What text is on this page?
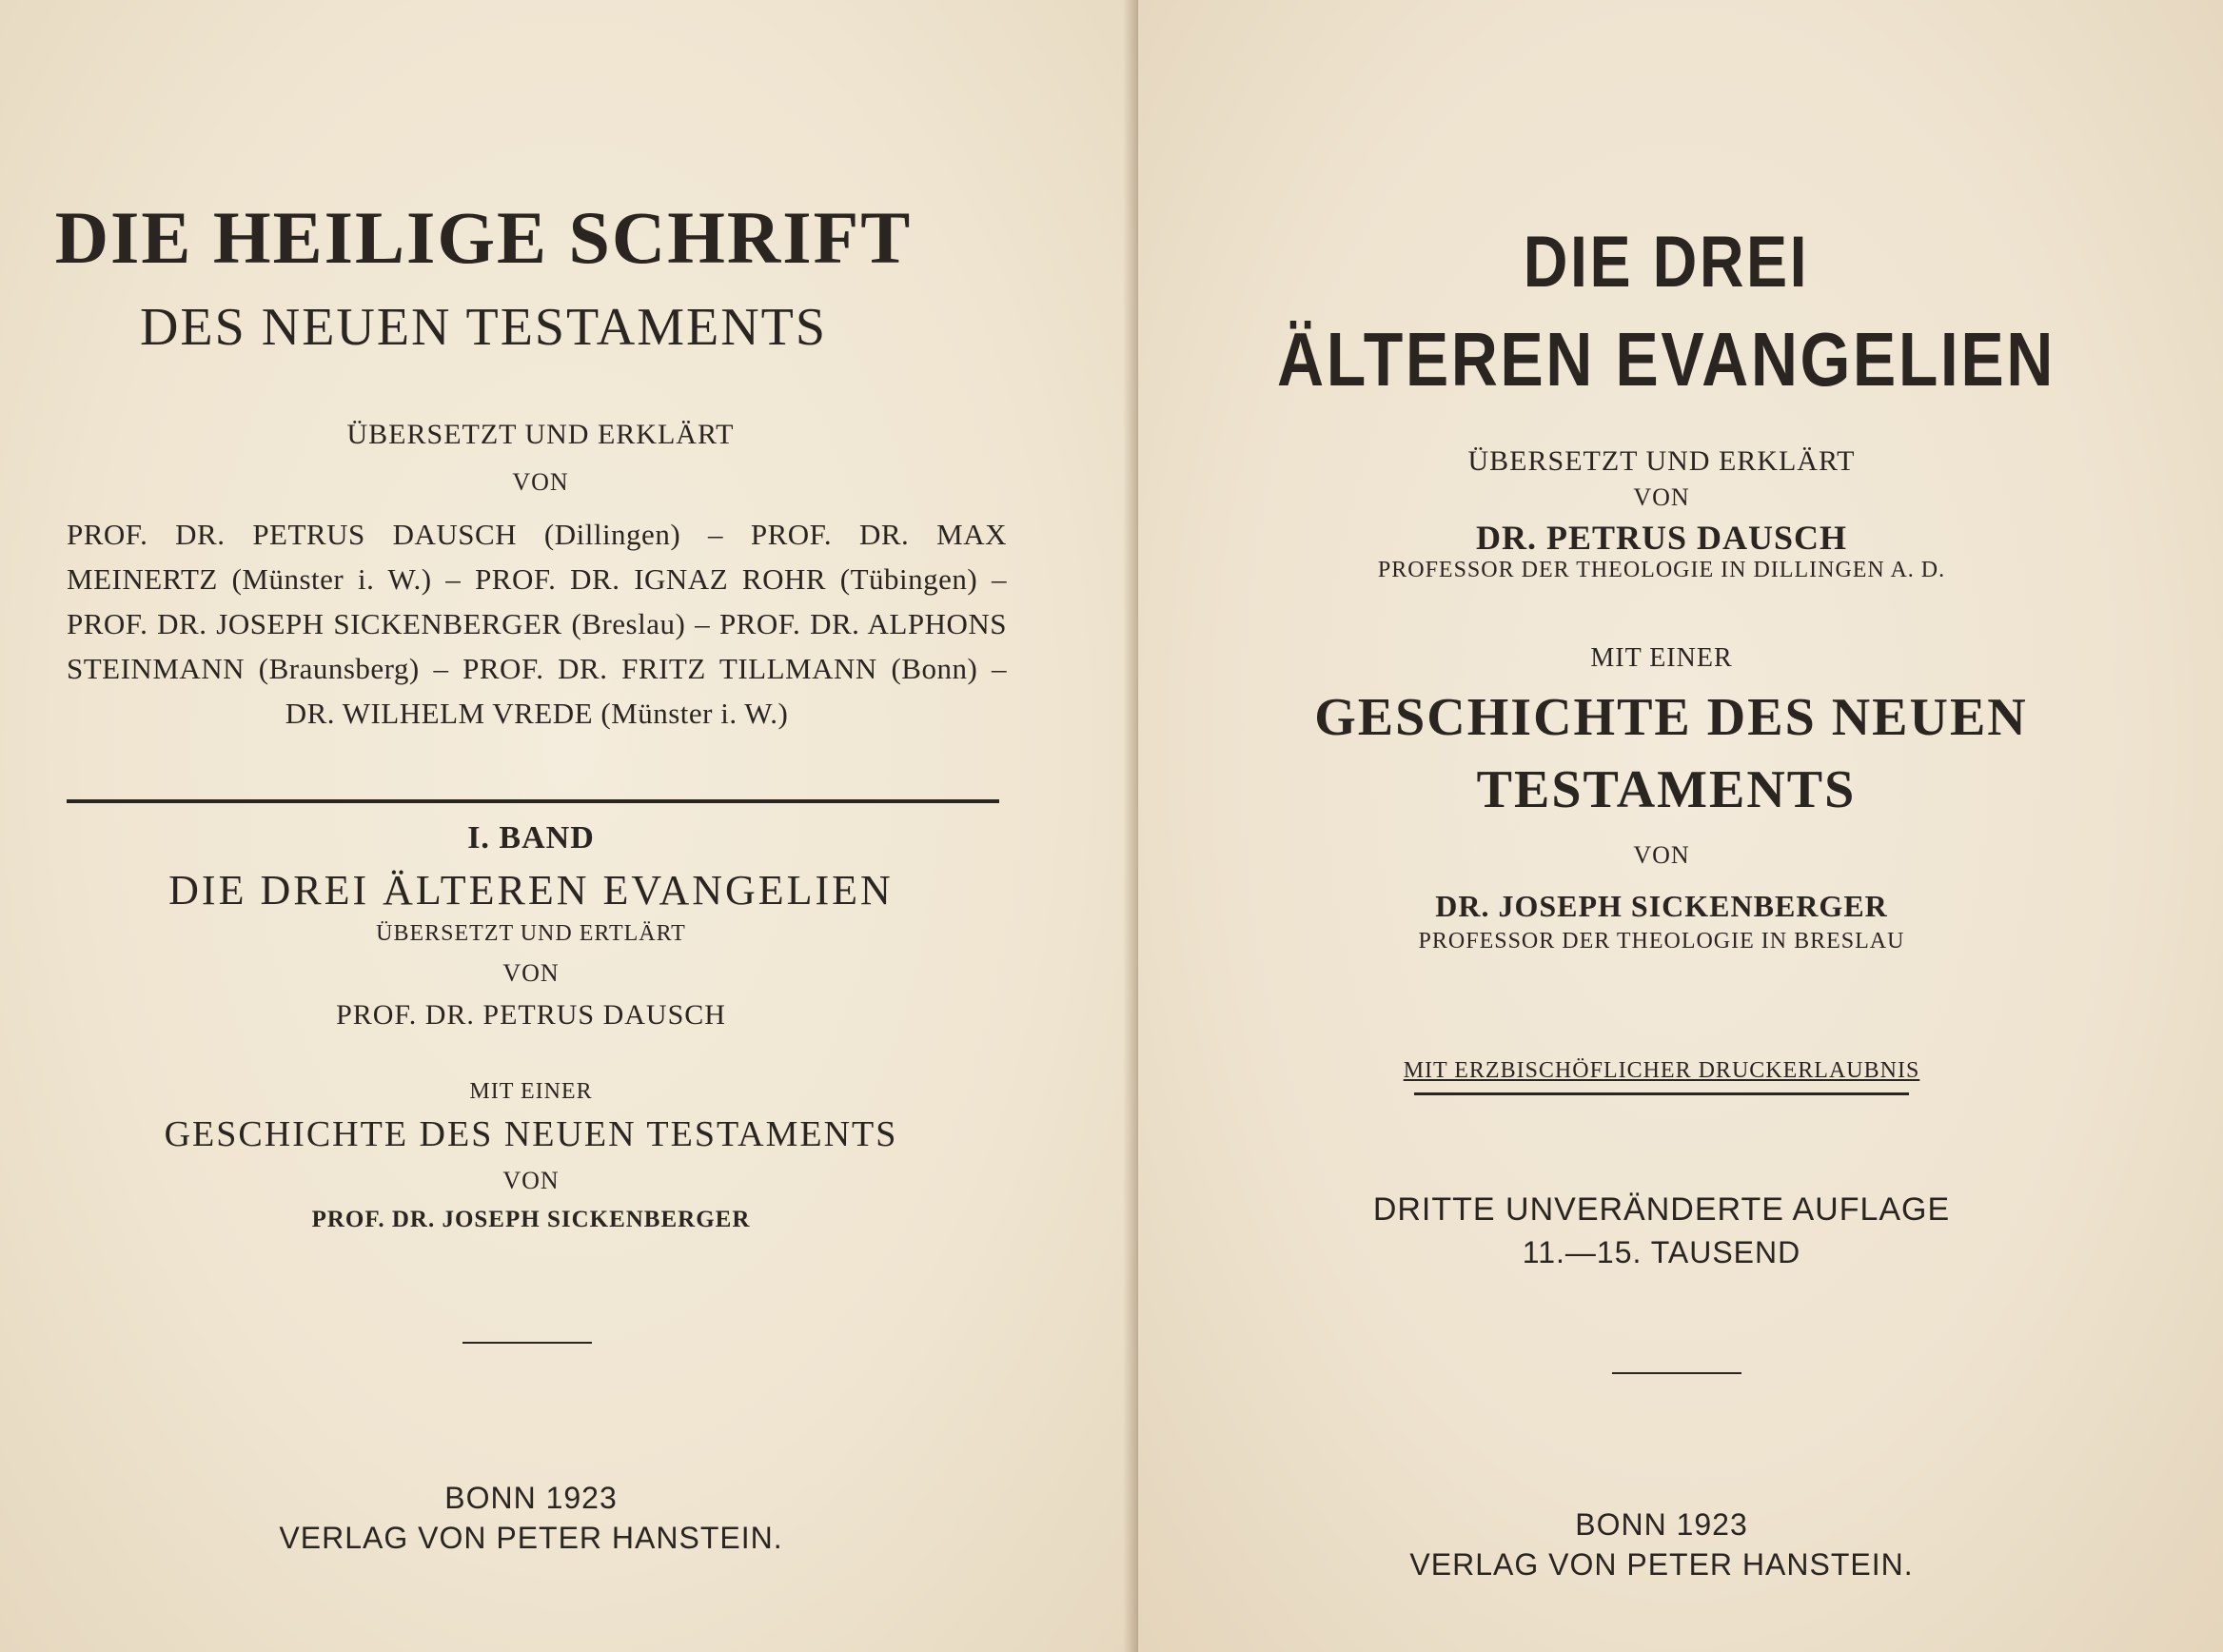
DIE HEILIGE SCHRIFT
DES NEUEN TESTAMENTS
ÜBERSETZT UND ERKLÄRT
VON
PROF. DR. PETRUS DAUSCH (Dillingen) – PROF. DR. MAX MEINERTZ (Münster i. W.) – PROF. DR. IGNAZ ROHR (Tübingen) – PROF. DR. JOSEPH SICKENBERGER (Breslau) – PROF. DR. ALPHONS STEINMANN (Braunsberg) – PROF. DR. FRITZ TILLMANN (Bonn) – DR. WILHELM VREDE (Münster i. W.)
I. BAND
DIE DREI ÄLTEREN EVANGELIEN
ÜBERSETZT UND ERTLÄRT
VON
PROF. DR. PETRUS DAUSCH
MIT EINER
GESCHICHTE DES NEUEN TESTAMENTS
VON
PROF. DR. JOSEPH SICKENBERGER
BONN 1923
VERLAG VON PETER HANSTEIN.
DIE DREI
ÄLTEREN EVANGELIEN
ÜBERSETZT UND ERKLÄRT
VON
DR. PETRUS DAUSCH
PROFESSOR DER THEOLOGIE IN DILLINGEN A. D.
MIT EINER
GESCHICHTE DES NEUEN
TESTAMENTS
VON
DR. JOSEPH SICKENBERGER
PROFESSOR DER THEOLOGIE IN BRESLAU
MIT ERZBISCHÖFLICHER DRUCKERLAUBNIS
DRITTE UNVERÄNDERTE AUFLAGE
11.—15. TAUSEND
BONN 1923
VERLAG VON PETER HANSTEIN.
